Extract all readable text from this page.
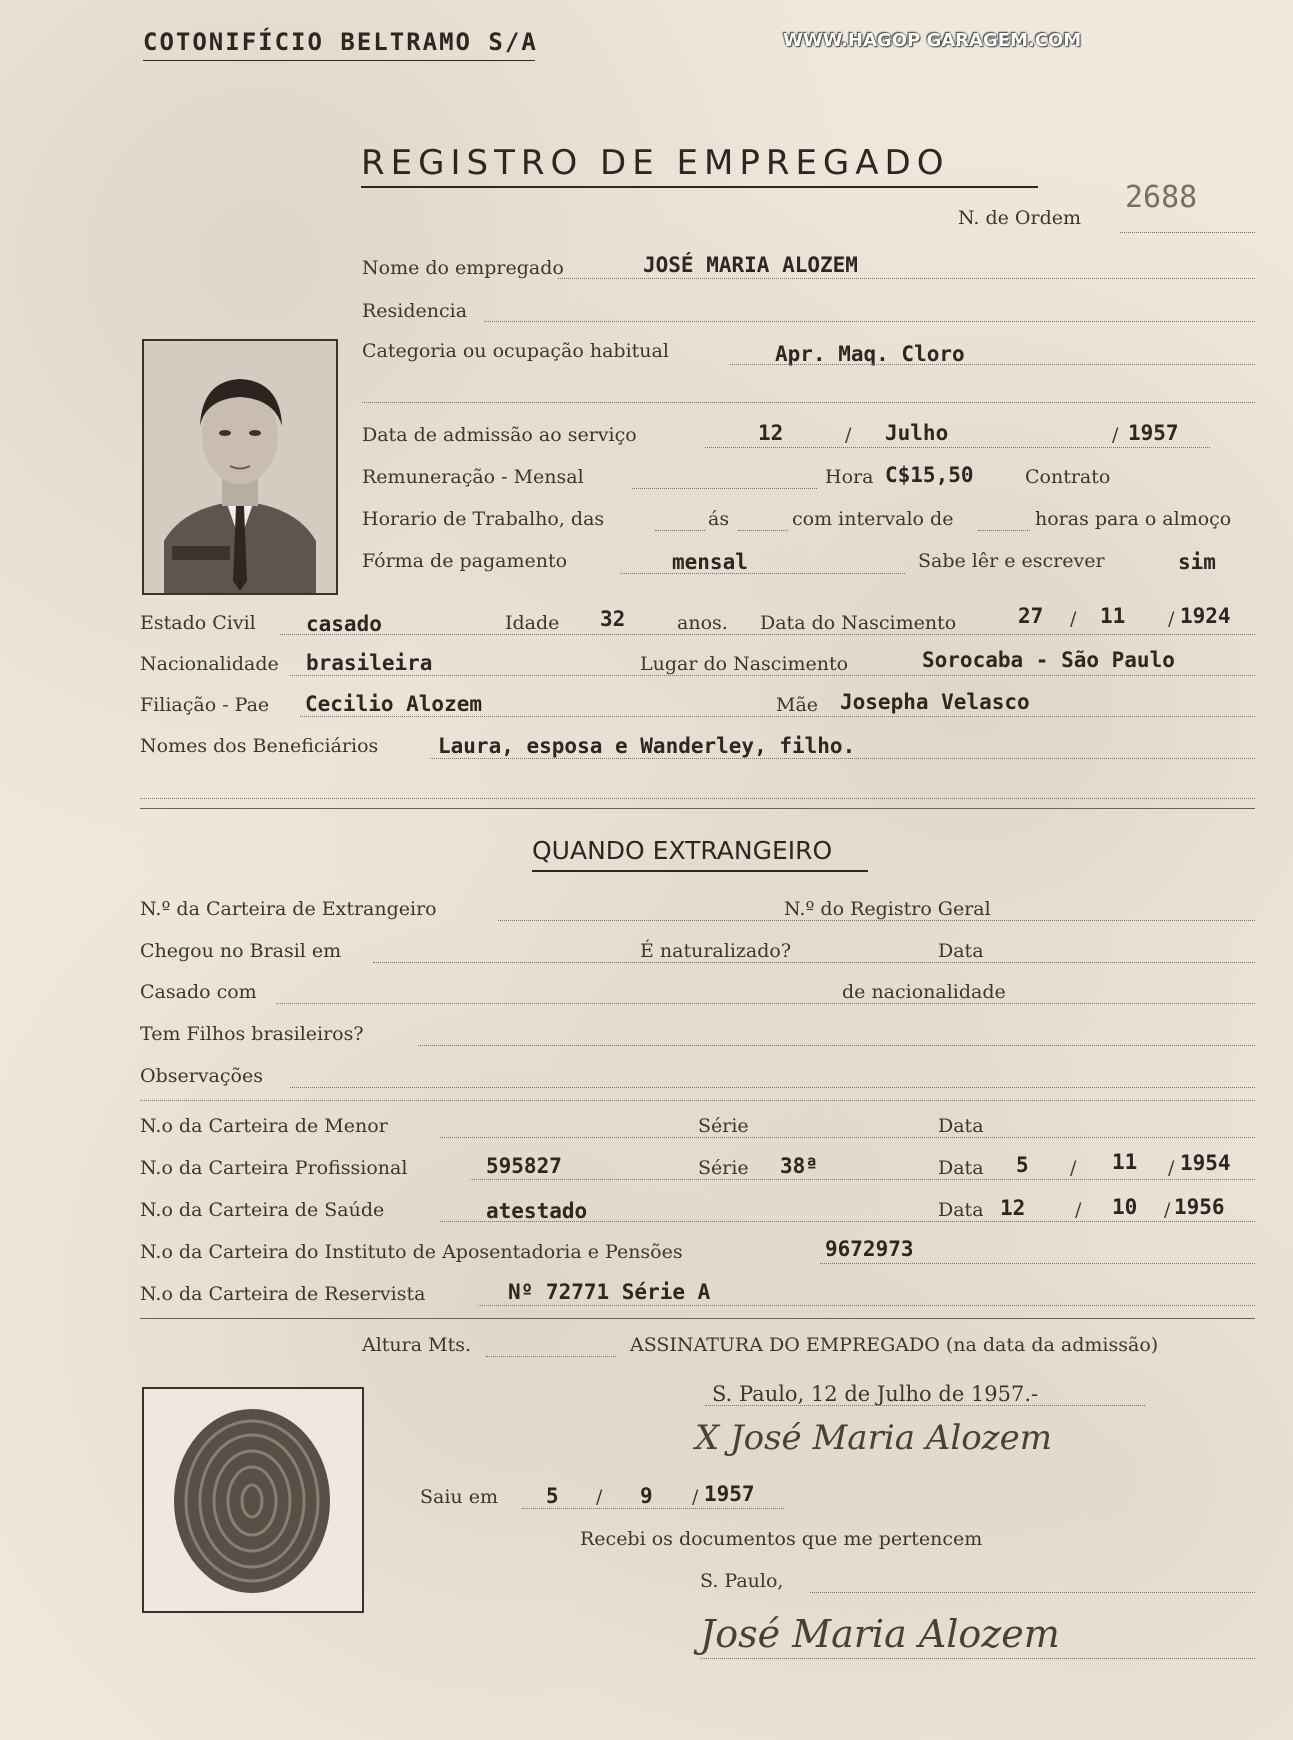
COTONIFÍCIO BELTRAMO S/A	WWW.HAGOP GARAGEM.COM
REGISTRO DE EMPREGADO
N. de Ordem
2688
Nome do empregado	JOSÉ MARIA ALOZEM
Residencia
Categoria ou ocupação habitual	Apr. Maq. Cloro
Data de admissão ao serviço	12	/ Julho	/ 1957
Remuneração - Mensal	Hora C$15,50	Contrato
Horario de Trabalho, das	ás	com intervalo de	horas para o almoço
Fórma de pagamento	mensal	Sabe lêr e escrever	sim
Estado Civil casado	Idade 32	anos. Data do Nascimento	27 / 11 / 1924
Nacionalidade brasileira	Lugar do Nascimento	Sorocaba - São Paulo
Filiação - Pae Cecilio Alozem	Mãe Josepha Velasco
Nomes dos Beneficiários	Laura, esposa e Wanderley, filho.
QUANDO EXTRANGEIRO
N.º da Carteira de Extrangeiro	N.º do Registro Geral
Chegou no Brasil em	É naturalizado?	Data
Casado com	de nacionalidade
Tem Filhos brasileiros?
Observações
N.o da Carteira de Menor	Série	Data
N.o da Carteira Profissional	595827	Série 38ª	Data 5 / 11 / 1954
N.o da Carteira de Saúde	atestado	Data 12	/ 10 / 1956
N.o da Carteira do Instituto de Aposentadoria e Pensões	9672973
N.o da Carteira de Reservista	Nº 72771 Série A
Altura Mts.	ASSINATURA DO EMPREGADO (na data da admissão)
S. Paulo, 12 de Julho de 1957.-
X José Maria Alozem
Saiu em 5 / 9 / 1957
Recebi os documentos que me pertencem
S. Paulo,
José Maria Alozem
